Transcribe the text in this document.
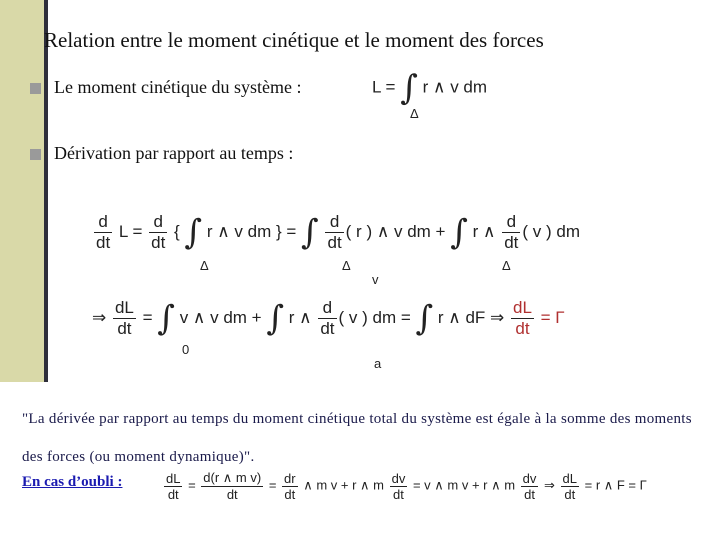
Relation entre le moment cinétique et le moment des forces
Le moment cinétique du système :	L = ∫ r ∧ v dm
Δ
Dérivation par rapport au temps :
$\frac{d}{dt}$ $L = \frac{d}{dt}$ { ∫ r ∧ v dm } = ∫ $\frac{d}{dt}$ ( r ) ∧ v dm + ∫ r ∧ $\frac{d}{dt}$ ( v ) dm
Δ	Δ	Δ
v
⇒ $\frac{dL}{dt}$ = ∫ v ∧ v dm + ∫ r ∧ $\frac{d}{dt}$ ( v ) dm = ∫ r ∧ dF ⇒ $\frac{dL}{dt} = \Gamma$
0
a
"La dérivée par rapport au temps du moment cinétique total du système est égale à la somme des moments des forces (ou moment dynamique)".
En cas d’oubli :	$\frac{dL}{dt} = \frac{\text{d(r ∧ m v)}}{dt} = \frac{dr}{dt}$ ∧ m v + r ∧ m $\frac{dv}{dt} = v$ ∧ m v + r ∧ m $\frac{dv}{dt}$ ⇒ $\frac{dL}{dt} = r$ ∧ F = Γ
